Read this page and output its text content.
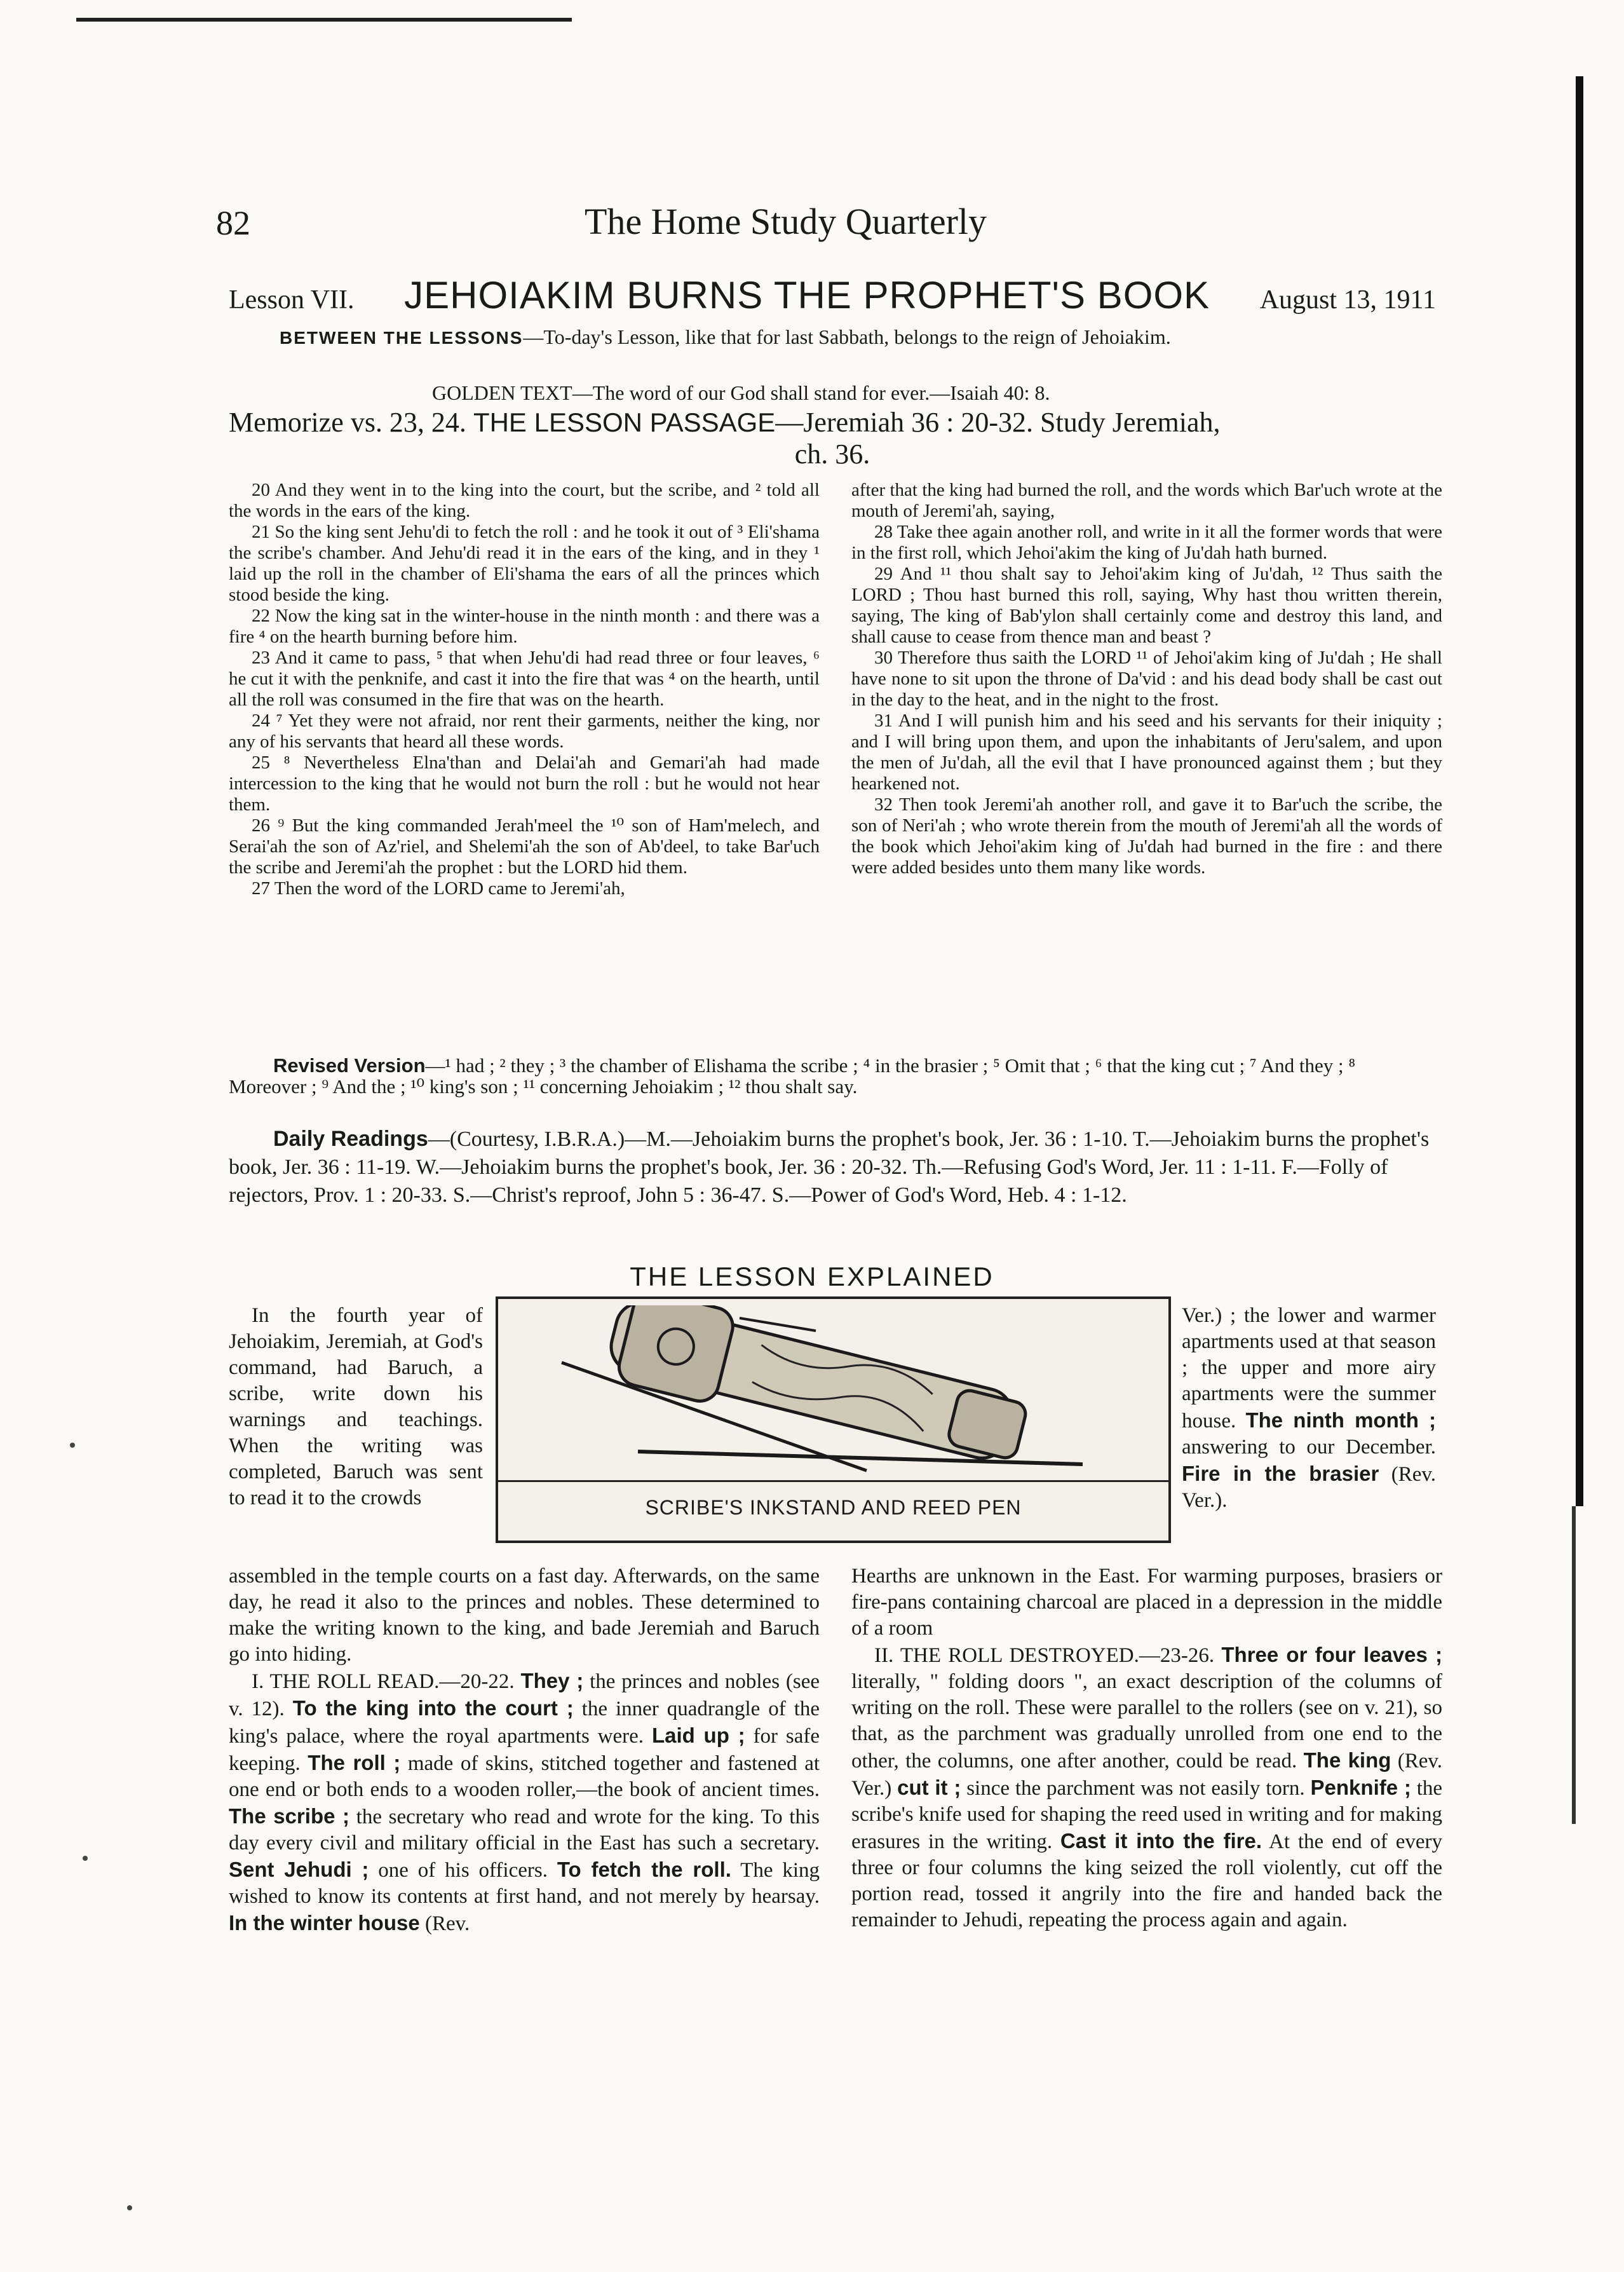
82	The Home Study Quarterly
Lesson VII. JEHOIAKIM BURNS THE PROPHET'S BOOK August 13, 1911
BETWEEN THE LESSONS—To-day's Lesson, like that for last Sabbath, belongs to the reign of Jehoiakim.
GOLDEN TEXT—The word of our God shall stand for ever.—Isaiah 40: 8.
Memorize vs. 23, 24. THE LESSON PASSAGE—Jeremiah 36 : 20-32. Study Jeremiah,
ch. 36.

20 And they went in to the king into the court, but the scribe, and ² told all the words in the ears of the king.

21 So the king sent Jehu'di to fetch the roll : and he took it out of ³ Eli'shama the scribe's chamber. And Jehu'di read it in the ears of the king, and in they ¹ laid up the roll in the chamber of Eli'shama the ears of all the princes which stood beside the king.

22 Now the king sat in the winter-house in the ninth month : and there was a fire ⁴ on the hearth burning before him.

23 And it came to pass, ⁵ that when Jehu'di had read three or four leaves, ⁶ he cut it with the penknife, and cast it into the fire that was ⁴ on the hearth, until all the roll was consumed in the fire that was on the hearth.

24 ⁷ Yet they were not afraid, nor rent their garments, neither the king, nor any of his servants that heard all these words.

25 ⁸ Nevertheless Elna'than and Delai'ah and Gemari'ah had made intercession to the king that he would not burn the roll : but he would not hear them.

26 ⁹ But the king commanded Jerah'meel the ¹⁰ son of Ham'melech, and Serai'ah the son of Az'riel, and Shelemi'ah the son of Ab'deel, to take Bar'uch the scribe and Jeremi'ah the prophet : but the LORD hid them.

27 Then the word of the LORD came to Jeremi'ah,

after that the king had burned the roll, and the words which Bar'uch wrote at the mouth of Jeremi'ah, saying,

28 Take thee again another roll, and write in it all the former words that were in the first roll, which Jehoi'akim the king of Ju'dah hath burned.

29 And ¹¹ thou shalt say to Jehoi'akim king of Ju'dah, ¹² Thus saith the LORD ; Thou hast burned this roll, saying, Why hast thou written therein, saying, The king of Bab'ylon shall certainly come and destroy this land, and shall cause to cease from thence man and beast ?

30 Therefore thus saith the LORD ¹¹ of Jehoi'akim king of Ju'dah ; He shall have none to sit upon the throne of Da'vid : and his dead body shall be cast out in the day to the heat, and in the night to the frost.

31 And I will punish him and his seed and his servants for their iniquity ; and I will bring upon them, and upon the inhabitants of Jeru'salem, and upon the men of Ju'dah, all the evil that I have pronounced against them ; but they hearkened not.

32 Then took Jeremi'ah another roll, and gave it to Bar'uch the scribe, the son of Neri'ah ; who wrote therein from the mouth of Jeremi'ah all the words of the book which Jehoi'akim king of Ju'dah had burned in the fire : and there were added besides unto them many like words.

Revised Version—¹ had ; ² they ; ³ the chamber of Elishama the scribe ; ⁴ in the brasier ; ⁵ Omit that ; ⁶ that the king cut ; ⁷ And they ; ⁸ Moreover ; ⁹ And the ; ¹⁰ king's son ; ¹¹ concerning Jehoiakim ; ¹² thou shalt say.
Daily Readings—(Courtesy, I.B.R.A.)—M.—Jehoiakim burns the prophet's book, Jer. 36 : 1-10. T.—Jehoiakim burns the prophet's book, Jer. 36 : 11-19. W.—Jehoiakim burns the prophet's book, Jer. 36 : 20-32. Th.—Refusing God's Word, Jer. 11 : 1-11. F.—Folly of rejectors, Prov. 1 : 20-33. S.—Christ's reproof, John 5 : 36-47. S.—Power of God's Word, Heb. 4 : 1-12.
THE LESSON EXPLAINED
SCRIBE'S INKSTAND AND REED PEN

In the fourth year of Jehoiakim, Jeremiah, at God's command, had Baruch, a scribe, write down his warnings and teachings. When the writing was completed, Baruch was sent to read it to the crowds

Ver.) ; the lower and warmer apartments used at that season ; the upper and more airy apartments were the summer house. The ninth month ; answering to our December. Fire in the brasier (Rev. Ver.).

assembled in the temple courts on a fast day. Afterwards, on the same day, he read it also to the princes and nobles. These determined to make the writing known to the king, and bade Jeremiah and Baruch go into hiding.

I. THE ROLL READ.—20-22. They ; the princes and nobles (see v. 12). To the king into the court ; the inner quadrangle of the king's palace, where the royal apartments were. Laid up ; for safe keeping. The roll ; made of skins, stitched together and fastened at one end or both ends to a wooden roller,—the book of ancient times. The scribe ; the secretary who read and wrote for the king. To this day every civil and military official in the East has such a secretary. Sent Jehudi ; one of his officers. To fetch the roll. The king wished to know its contents at first hand, and not merely by hearsay. In the winter house (Rev.

Hearths are unknown in the East. For warming purposes, brasiers or fire-pans containing charcoal are placed in a depression in the middle of a room

II. THE ROLL DESTROYED.—23-26. Three or four leaves ; literally, " folding doors ", an exact description of the columns of writing on the roll. These were parallel to the rollers (see on v. 21), so that, as the parchment was gradually unrolled from one end to the other, the columns, one after another, could be read. The king (Rev. Ver.) cut it ; since the parchment was not easily torn. Penknife ; the scribe's knife used for shaping the reed used in writing and for making erasures in the writing. Cast it into the fire. At the end of every three or four columns the king seized the roll violently, cut off the portion read, tossed it angrily into the fire and handed back the remainder to Jehudi, repeating the process again and again.
